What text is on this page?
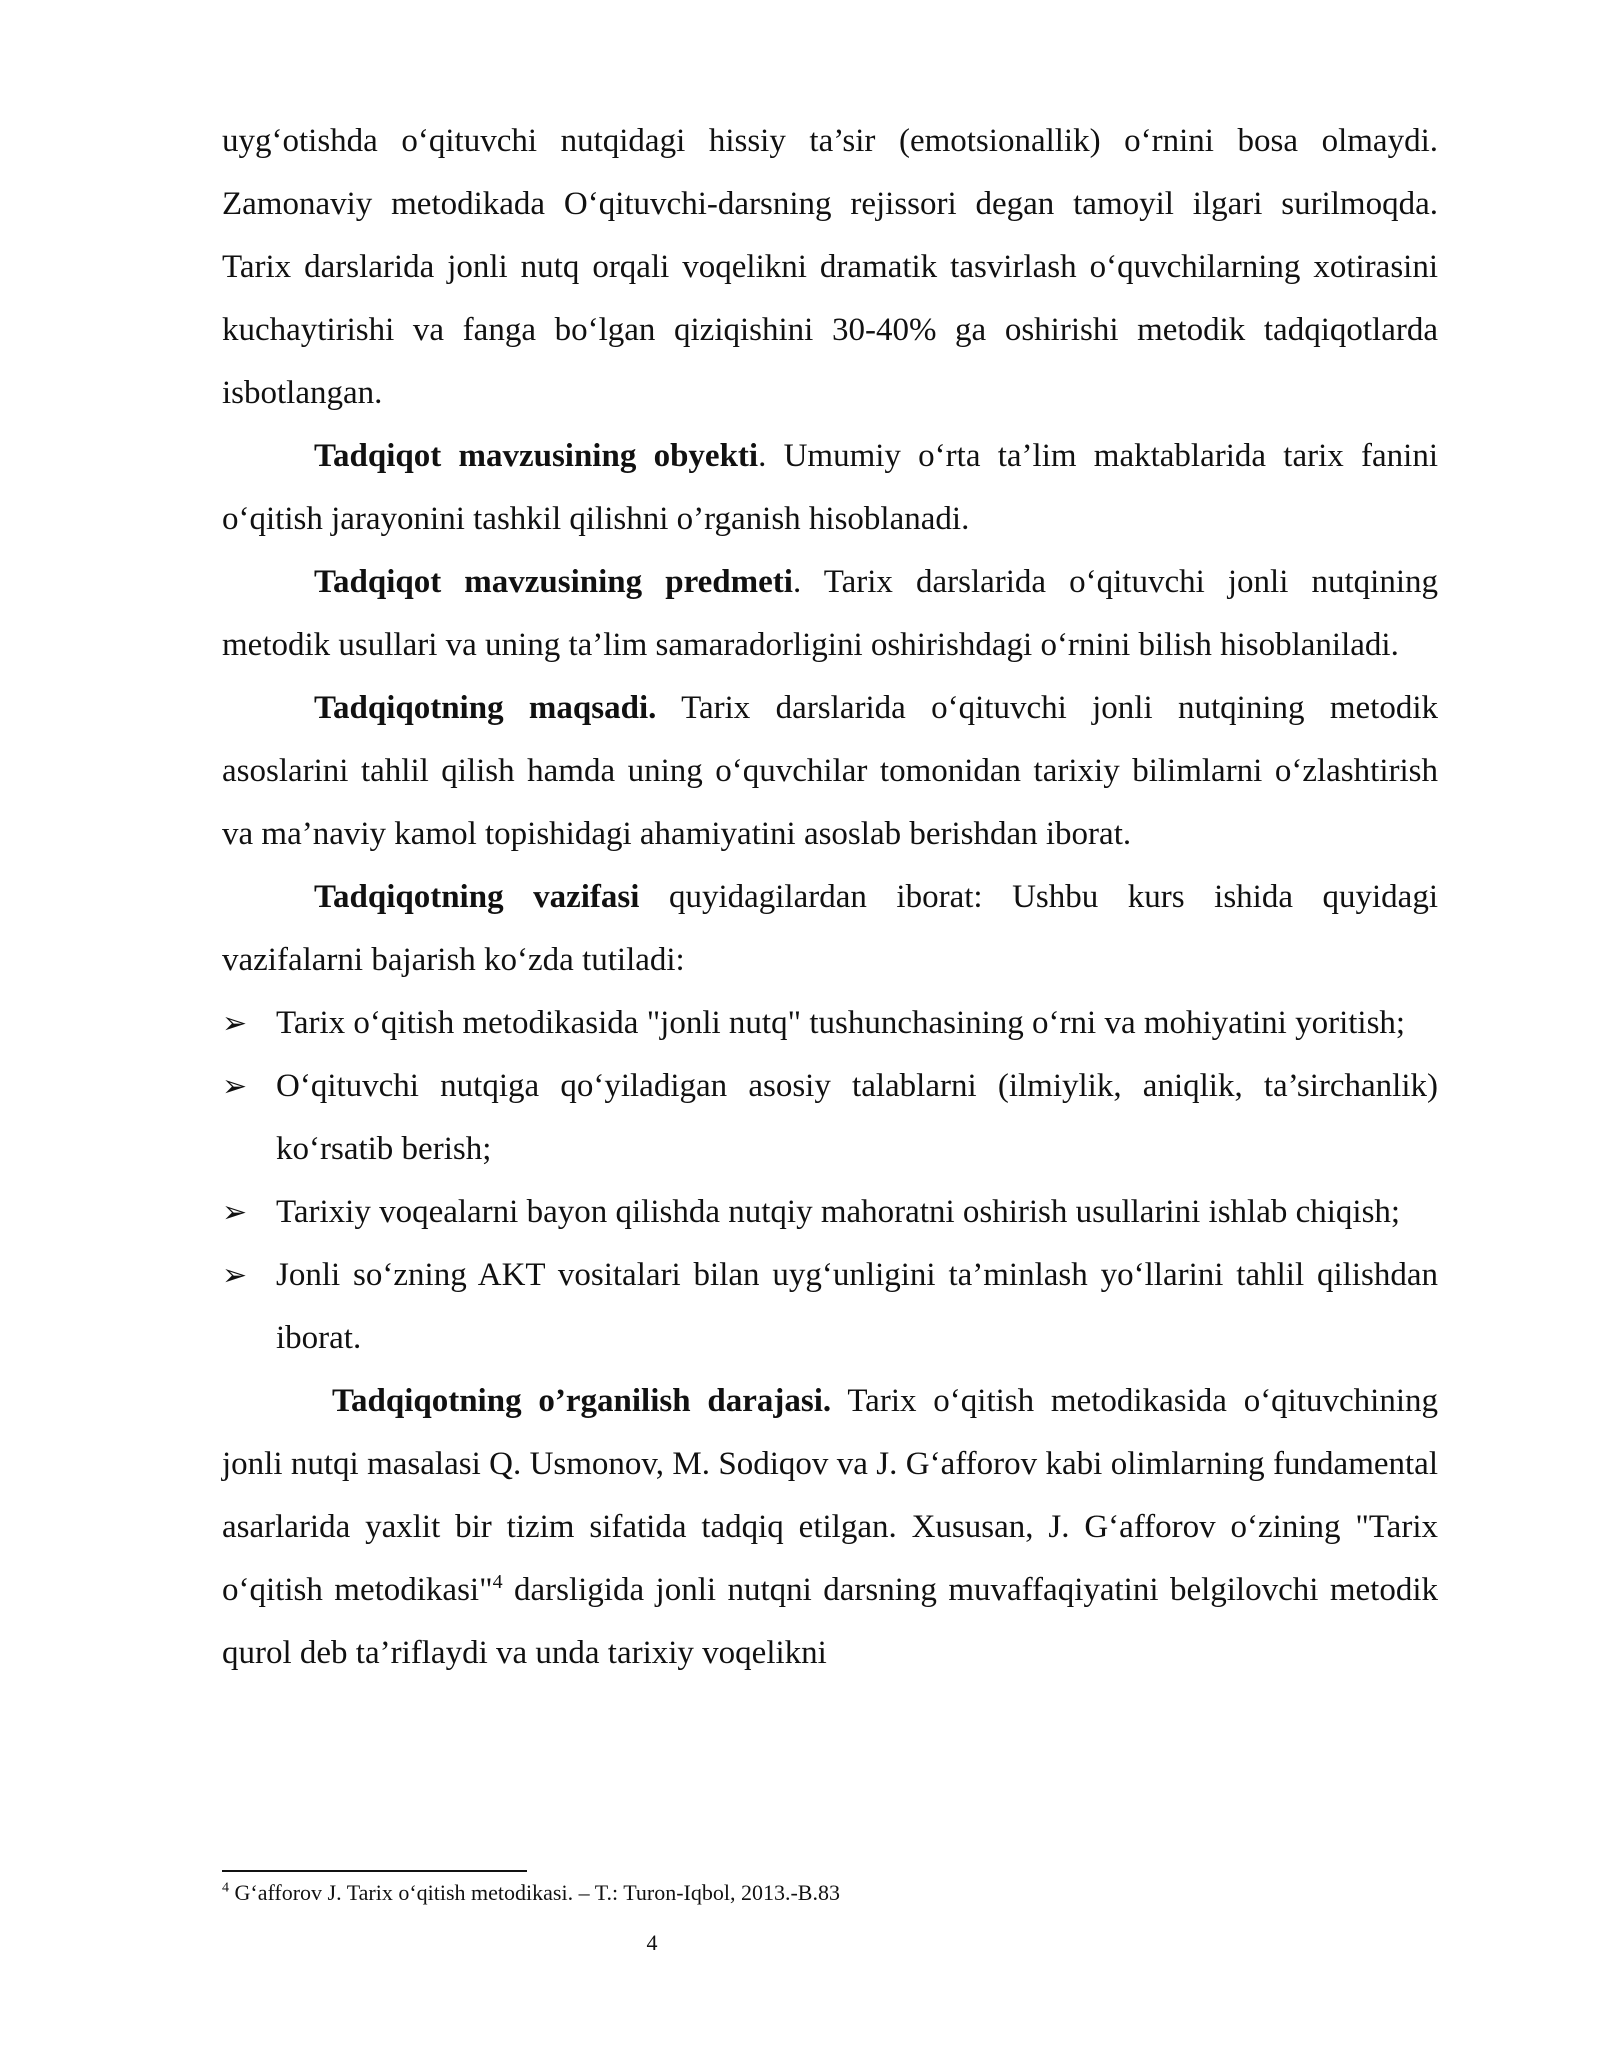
uyg‘otishda o‘qituvchi nutqidagi hissiy ta’sir (emotsionallik) o‘rnini bosa olmaydi. Zamonaviy metodikada O‘qituvchi-darsning rejissori degan tamoyil ilgari surilmoqda. Tarix darslarida jonli nutq orqali voqelikni dramatik tasvirlash o‘quvchilarning xotirasini kuchaytirishi va fanga bo‘lgan qiziqishini 30-40% ga oshirishi metodik tadqiqotlarda isbotlangan.

Tadqiqot mavzusining obyekti. Umumiy o‘rta ta’lim maktablarida tarix fanini o‘qitish jarayonini tashkil qilishni o’rganish hisoblanadi.

Tadqiqot mavzusining predmeti. Tarix darslarida o‘qituvchi jonli nutqining metodik usullari va uning ta’lim samaradorligini oshirishdagi o‘rnini bilish hisoblaniladi.

Tadqiqotning maqsadi. Tarix darslarida o‘qituvchi jonli nutqining metodik asoslarini tahlil qilish hamda uning o‘quvchilar tomonidan tarixiy bilimlarni o‘zlashtirish va ma’naviy kamol topishidagi ahamiyatini asoslab berishdan iborat.

Tadqiqotning vazifasi quyidagilardan iborat: Ushbu kurs ishida quyidagi vazifalarni bajarish ko‘zda tutiladi:

➢ Tarix o‘qitish metodikasida "jonli nutq" tushunchasining o‘rni va mohiyatini yoritish;
➢ O‘qituvchi nutqiga qo‘yiladigan asosiy talablarni (ilmiylik, aniqlik, ta’sirchanlik) ko‘rsatib berish;
➢ Tarixiy voqealarni bayon qilishda nutqiy mahoratni oshirish usullarini ishlab chiqish;
➢ Jonli so‘zning AKT vositalari bilan uyg‘unligini ta’minlash yo‘llarini tahlil qilishdan iborat.

Tadqiqotning o’rganilish darajasi. Tarix o‘qitish metodikasida o‘qituvchining jonli nutqi masalasi Q. Usmonov, M. Sodiqov va J. G‘afforov kabi olimlarning fundamental asarlarida yaxlit bir tizim sifatida tadqiq etilgan. Xususan, J. G‘afforov o‘zining "Tarix o‘qitish metodikasi"$^4$ darsligida jonli nutqni darsning muvaffaqiyatini belgilovchi metodik qurol deb ta’riflaydi va unda tarixiy voqelikni

$^4$ G‘afforov J. Tarix o‘qitish metodikasi. – T.: Turon-Iqbol, 2013.-B.83
4
